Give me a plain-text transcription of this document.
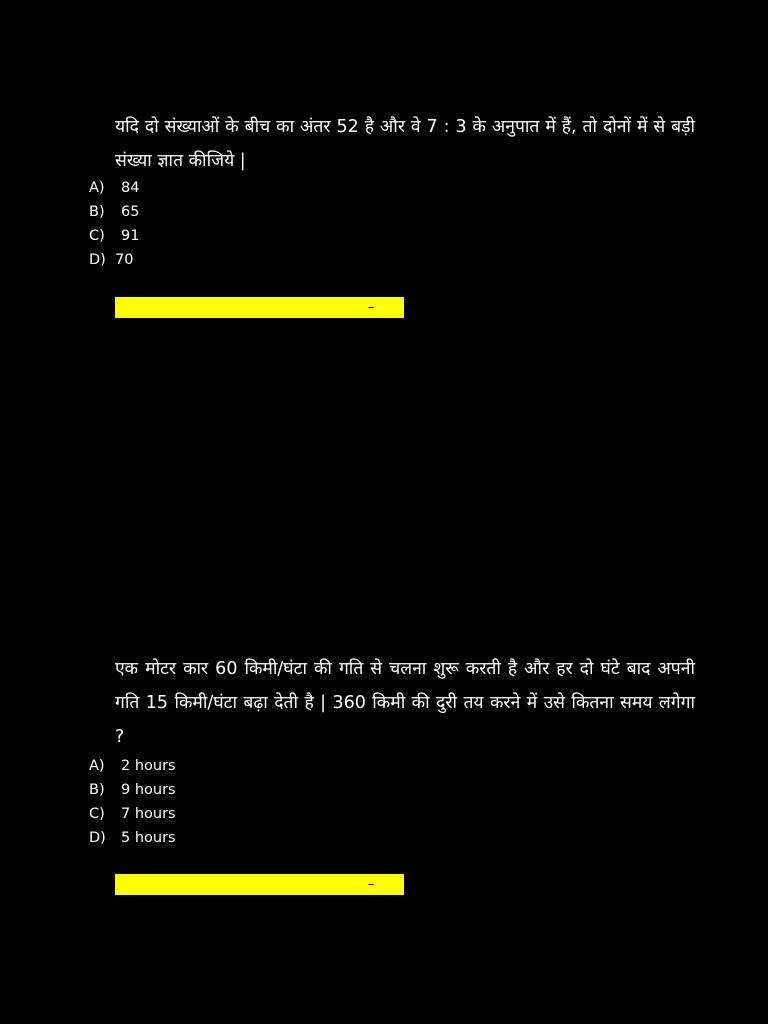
यदि दो संख्याओं के बीच का अंतर 52 है और वे 7 : 3 के अनुपात में हैं, तो दोनों में से बड़ी संख्या ज्ञात कीजिये |
A)	84
B)	65
C)	91
D) 70
–
एक मोटर कार 60 किमी/घंटा की गति से चलना शुरू करती है और हर दो घंटे बाद अपनी गति 15 किमी/घंटा बढ़ा देती है | 360 किमी की दुरी तय करने में उसे कितना समय लगेगा ?
A)	2 hours
B)	9 hours
C)	7 hours
D)	5 hours
–
